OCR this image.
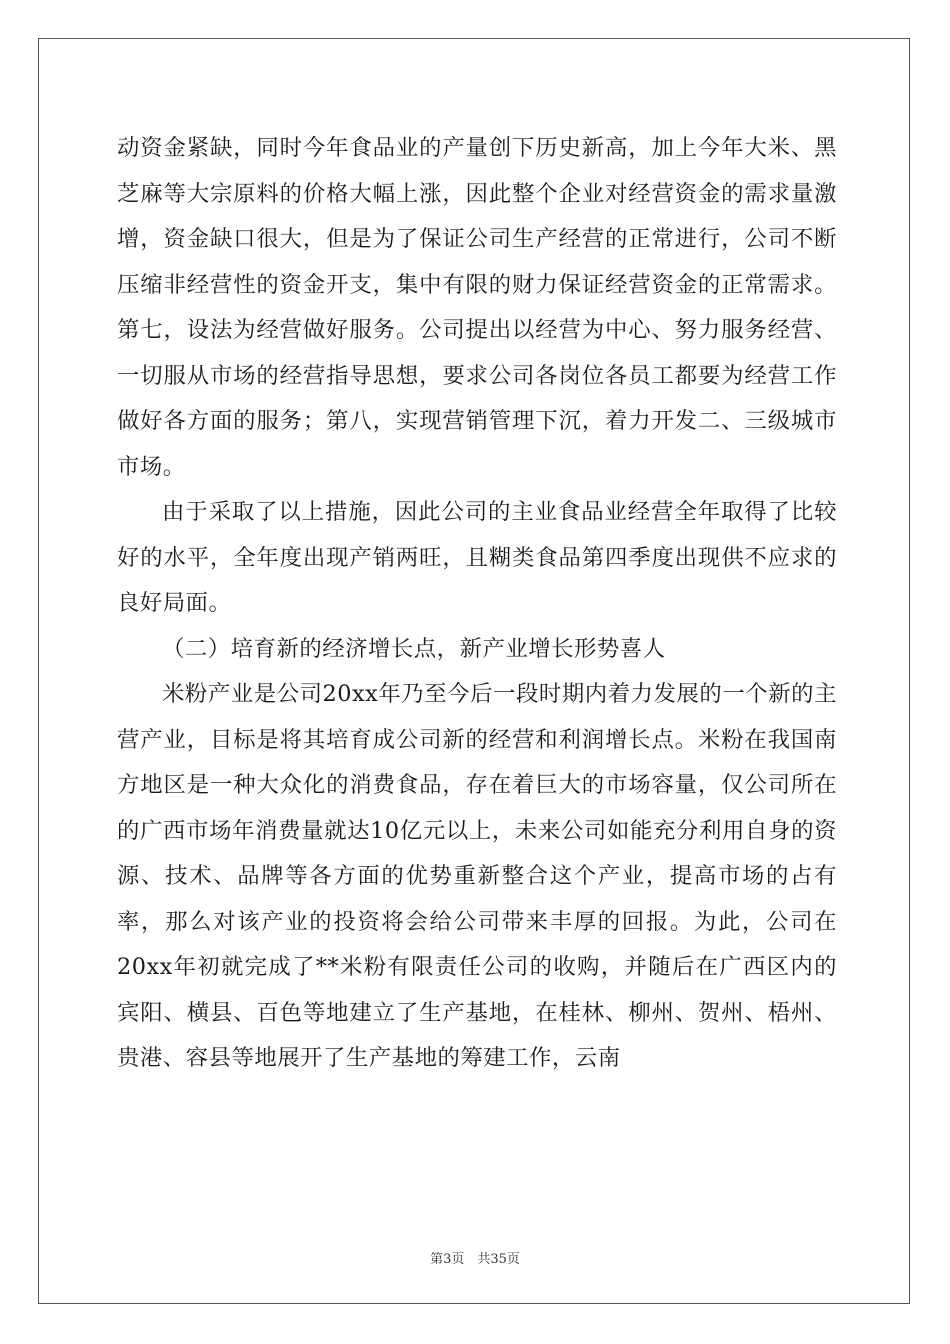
动资金紧缺，同时今年食品业的产量创下历史新高，加上今年大米、黑芝麻等大宗原料的价格大幅上涨，因此整个企业对经营资金的需求量激增，资金缺口很大，但是为了保证公司生产经营的正常进行，公司不断压缩非经营性的资金开支，集中有限的财力保证经营资金的正常需求。第七，设法为经营做好服务。公司提出以经营为中心、努力服务经营、一切服从市场的经营指导思想，要求公司各岗位各员工都要为经营工作做好各方面的服务；第八，实现营销管理下沉，着力开发二、三级城市市场。

由于采取了以上措施，因此公司的主业食品业经营全年取得了比较好的水平，全年度出现产销两旺，且糊类食品第四季度出现供不应求的良好局面。

（二）培育新的经济增长点，新产业增长形势喜人

米粉产业是公司20xx年乃至今后一段时期内着力发展的一个新的主营产业，目标是将其培育成公司新的经营和利润增长点。米粉在我国南方地区是一种大众化的消费食品，存在着巨大的市场容量，仅公司所在的广西市场年消费量就达10亿元以上，未来公司如能充分利用自身的资源、技术、品牌等各方面的优势重新整合这个产业，提高市场的占有率，那么对该产业的投资将会给公司带来丰厚的回报。为此，公司在20xx年初就完成了**米粉有限责任公司的收购，并随后在广西区内的宾阳、横县、百色等地建立了生产基地，在桂林、柳州、贺州、梧州、贵港、容县等地展开了生产基地的筹建工作，云南

第3页　共35页
